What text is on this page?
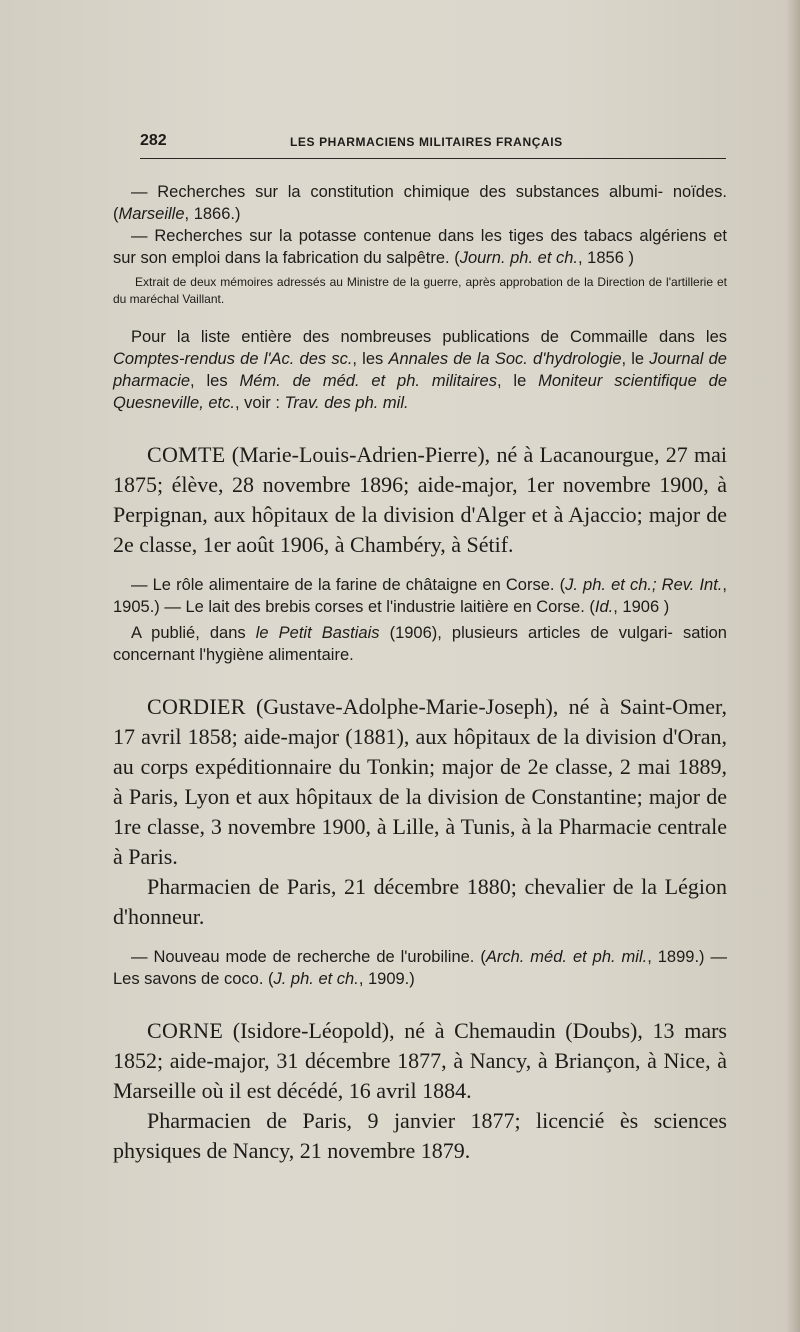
282	LES PHARMACIENS MILITAIRES FRANÇAIS

— Recherches sur la constitution chimique des substances albumi- noïdes. (Marseille, 1866.)

— Recherches sur la potasse contenue dans les tiges des tabacs algériens et sur son emploi dans la fabrication du salpêtre. (Journ. ph. et ch., 1856 )

Extrait de deux mémoires adressés au Ministre de la guerre, après approbation de la Direction de l'artillerie et du maréchal Vaillant.

Pour la liste entière des nombreuses publications de Commaille dans les Comptes-rendus de l'Ac. des sc., les Annales de la Soc. d'hydrologie, le Journal de pharmacie, les Mém. de méd. et ph. militaires, le Moniteur scientifique de Quesneville, etc., voir : Trav. des ph. mil.

COMTE (Marie-Louis-Adrien-Pierre), né à Lacanourgue, 27 mai 1875; élève, 28 novembre 1896; aide-major, 1er novembre 1900, à Perpignan, aux hôpitaux de la division d'Alger et à Ajaccio; major de 2e classe, 1er août 1906, à Chambéry, à Sétif.

— Le rôle alimentaire de la farine de châtaigne en Corse. (J. ph. et ch.; Rev. Int., 1905.) — Le lait des brebis corses et l'industrie laitière en Corse. (Id., 1906 )

A publié, dans le Petit Bastiais (1906), plusieurs articles de vulgari- sation concernant l'hygiène alimentaire.

CORDIER (Gustave-Adolphe-Marie-Joseph), né à Saint-Omer, 17 avril 1858; aide-major (1881), aux hôpitaux de la division d'Oran, au corps expéditionnaire du Tonkin; major de 2e classe, 2 mai 1889, à Paris, Lyon et aux hôpitaux de la division de Constantine; major de 1re classe, 3 novembre 1900, à Lille, à Tunis, à la Pharmacie centrale à Paris.

Pharmacien de Paris, 21 décembre 1880; chevalier de la Légion d'honneur.

— Nouveau mode de recherche de l'urobiline. (Arch. méd. et ph. mil., 1899.) — Les savons de coco. (J. ph. et ch., 1909.)

CORNE (Isidore-Léopold), né à Chemaudin (Doubs), 13 mars 1852; aide-major, 31 décembre 1877, à Nancy, à Briançon, à Nice, à Marseille où il est décédé, 16 avril 1884.

Pharmacien de Paris, 9 janvier 1877; licencié ès sciences physiques de Nancy, 21 novembre 1879.
